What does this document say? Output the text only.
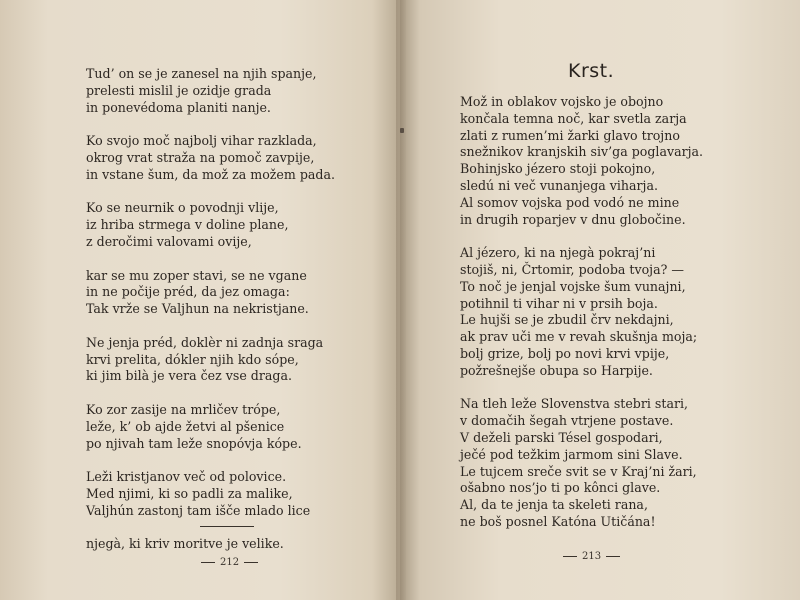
Tud’ on se je zanesel na njih spanje,
prelesti mislil je ozidje grada
in ponevédoma planiti nanje.
Ko svojo moč najbolj vihar razklada,
okrog vrat straža na pomoč zavpije,
in vstane šum, da mož za možem pada.
Ko se neurnik o povodnji vlije,
iz hriba strmega v doline plane,
z deročimi valovami ovije,
kar se mu zoper stavi, se ne vgane
in ne počije préd, da jez omaga:
Tak vrže se Valjhun na nekristjane.
Ne jenja préd, doklèr ni zadnja sraga
krvi prelita, dókler njih kdo sópe,
ki jim bilà je vera čez vse draga.
Ko zor zasije na mrličev trópe,
leže, k’ ob ajde žetvi al pšenice
po njivah tam leže snopóvja kópe.
Leži kristjanov več od polovice.
Med njimi, ki so padli za malike,
Valjhún zastonj tam išče mlado lice
njegà, ki kriv moritve je velike.
212
Krst.
Mož in oblakov vojsko je obojno
končala temna noč, kar svetla zarja
zlati z rumen’mi žarki glavo trojno
snežnikov kranjskih siv’ga poglavarja.
Bohinjsko jézero stoji pokojno,
sledú ni več vunanjega viharja.
Al somov vojska pod vodó ne mine
in drugih roparjev v dnu globočine.
Al jézero, ki na njegà pokraj’ni
stojiš, ni, Črtomir, podoba tvoja? —
To noč je jenjal vojske šum vunajni,
potihnil ti vihar ni v prsih boja.
Le hujši se je zbudil črv nekdajni,
ak prav uči me v revah skušnja moja;
bolj grize, bolj po novi krvi vpije,
požrešnejše obupa so Harpije.
Na tleh leže Slovenstva stebri stari,
v domačih šegah vtrjene postave.
V deželi parski Tésel gospodari,
ječé pod težkim jarmom sini Slave.
Le tujcem sreče svit se v Kraj’ni žari,
ošabno nos’jo ti po kônci glave.
Al, da te jenja ta skeleti rana,
ne boš posnel Katóna Utičána!
213
